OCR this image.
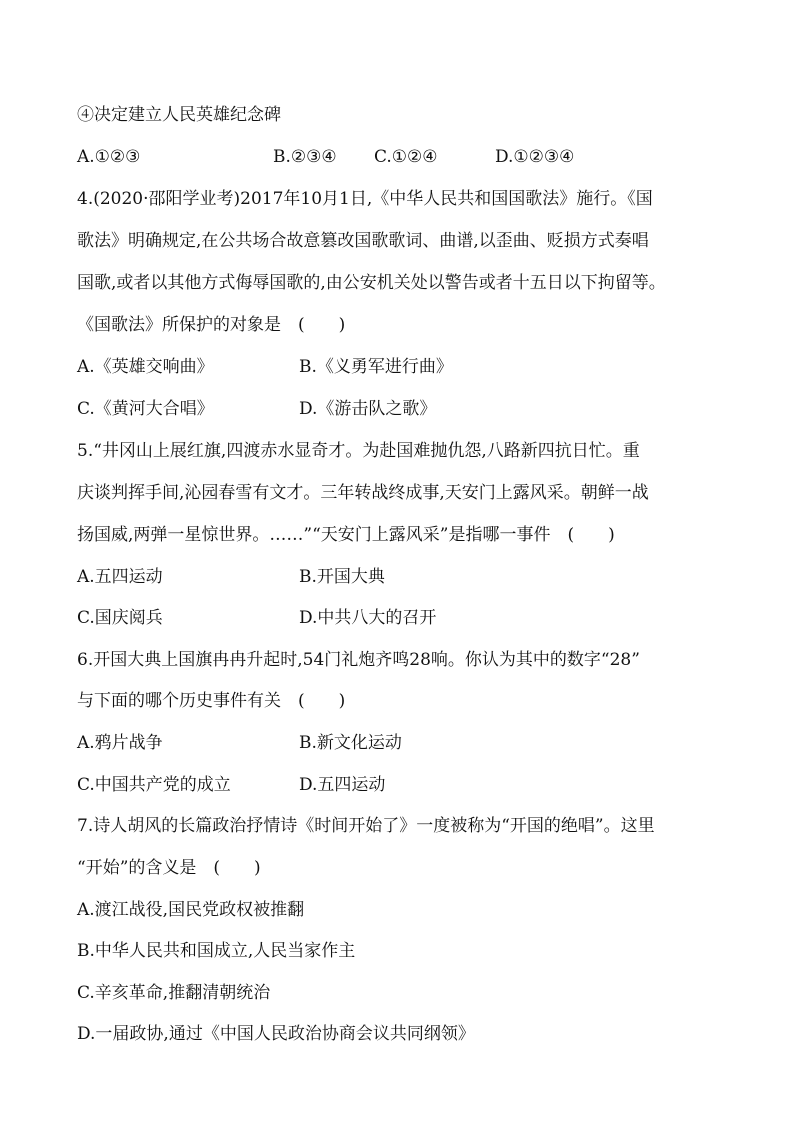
④决定建立人民英雄纪念碑
A.①②③	B.②③④ C.①②④	D.①②③④
4.(2020·邵阳学业考)2017年10月1日,《中华人民共和国国歌法》施行。《国
歌法》明确规定,在公共场合故意篡改国歌歌词、曲谱,以歪曲、贬损方式奏唱
国歌,或者以其他方式侮辱国歌的,由公安机关处以警告或者十五日以下拘留等。
《国歌法》所保护的对象是　(　　)
A.《英雄交响曲》	B.《义勇军进行曲》
C.《黄河大合唱》	D.《游击队之歌》
5.“井冈山上展红旗,四渡赤水显奇才。为赴国难抛仇怨,八路新四抗日忙。重
庆谈判挥手间,沁园春雪有文才。三年转战终成事,天安门上露风采。朝鲜一战
扬国威,两弹一星惊世界。……”“天安门上露风采”是指哪一事件　(　　)
A.五四运动	B.开国大典
C.国庆阅兵	D.中共八大的召开
6.开国大典上国旗冉冉升起时,54门礼炮齐鸣28响。你认为其中的数字“28”
与下面的哪个历史事件有关　(　　)
A.鸦片战争	B.新文化运动
C.中国共产党的成立	D.五四运动
7.诗人胡风的长篇政治抒情诗《时间开始了》一度被称为“开国的绝唱”。这里
“开始”的含义是　(　　)
A.渡江战役,国民党政权被推翻
B.中华人民共和国成立,人民当家作主
C.辛亥革命,推翻清朝统治
D.一届政协,通过《中国人民政治协商会议共同纲领》
